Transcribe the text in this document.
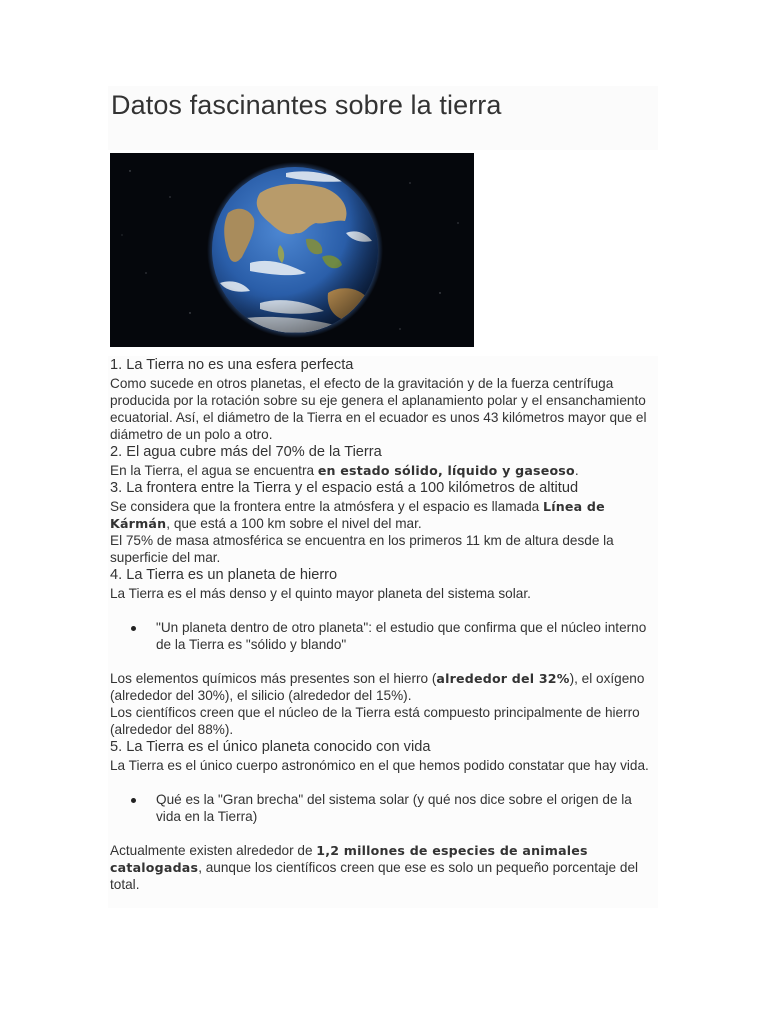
Datos fascinantes sobre la tierra
1. La Tierra no es una esfera perfecta

Como sucede en otros planetas, el efecto de la gravitación y de la fuerza centrífuga producida por la rotación sobre su eje genera el aplanamiento polar y el ensanchamiento ecuatorial. Así, el diámetro de la Tierra en el ecuador es unos 43 kilómetros mayor que el diámetro de un polo a otro.

2. El agua cubre más del 70% de la Tierra

En la Tierra, el agua se encuentra en estado sólido, líquido y gaseoso.

3. La frontera entre la Tierra y el espacio está a 100 kilómetros de altitud

Se considera que la frontera entre la atmósfera y el espacio es llamada Línea de Kármán, que está a 100 km sobre el nivel del mar.

El 75% de masa atmosférica se encuentra en los primeros 11 km de altura desde la superficie del mar.

4. La Tierra es un planeta de hierro

La Tierra es el más denso y el quinto mayor planeta del sistema solar.

"Un planeta dentro de otro planeta": el estudio que confirma que el núcleo interno de la Tierra es "sólido y blando"

Los elementos químicos más presentes son el hierro (alrededor del 32%), el oxígeno (alrededor del 30%), el silicio (alrededor del 15%).

Los científicos creen que el núcleo de la Tierra está compuesto principalmente de hierro (alrededor del 88%).

5. La Tierra es el único planeta conocido con vida

La Tierra es el único cuerpo astronómico en el que hemos podido constatar que hay vida.

Qué es la "Gran brecha" del sistema solar (y qué nos dice sobre el origen de la vida en la Tierra)

Actualmente existen alrededor de 1,2 millones de especies de animales catalogadas, aunque los científicos creen que ese es solo un pequeño porcentaje del total.
